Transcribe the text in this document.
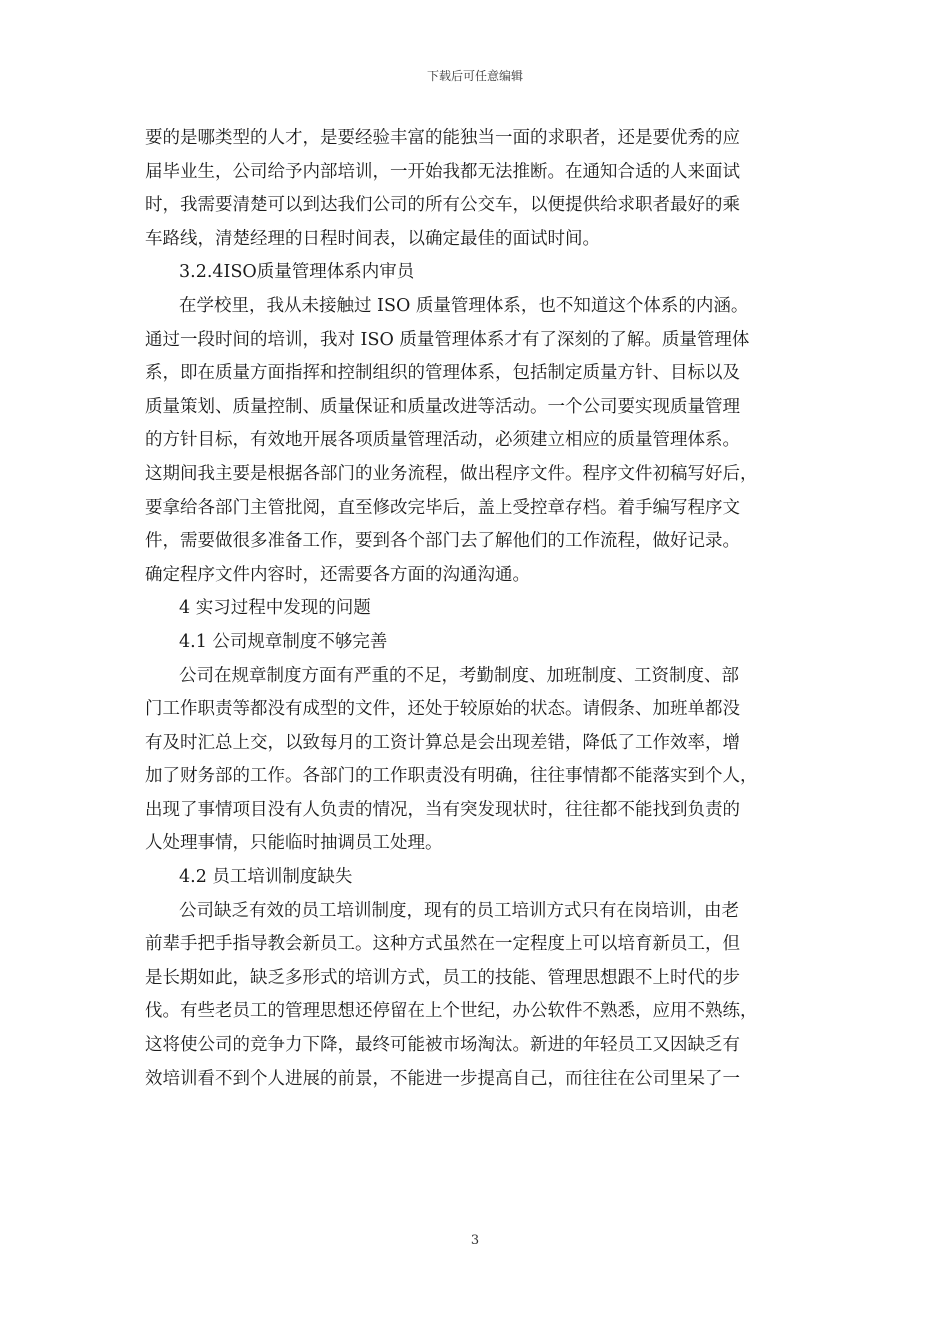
下载后可任意编辑
要的是哪类型的人才，是要经验丰富的能独当一面的求职者，还是要优秀的应
届毕业生，公司给予内部培训，一开始我都无法推断。在通知合适的人来面试
时，我需要清楚可以到达我们公司的所有公交车，以便提供给求职者最好的乘
车路线，清楚经理的日程时间表，以确定最佳的面试时间。
3.2.4ISO质量管理体系内审员
在学校里，我从未接触过 ISO 质量管理体系，也不知道这个体系的内涵。
通过一段时间的培训，我对 ISO 质量管理体系才有了深刻的了解。质量管理体
系，即在质量方面指挥和控制组织的管理体系，包括制定质量方针、目标以及
质量策划、质量控制、质量保证和质量改进等活动。一个公司要实现质量管理
的方针目标，有效地开展各项质量管理活动，必须建立相应的质量管理体系。
这期间我主要是根据各部门的业务流程，做出程序文件。程序文件初稿写好后，
要拿给各部门主管批阅，直至修改完毕后，盖上受控章存档。着手编写程序文
件，需要做很多准备工作，要到各个部门去了解他们的工作流程，做好记录。
确定程序文件内容时，还需要各方面的沟通沟通。
4 实习过程中发现的问题
4.1 公司规章制度不够完善
公司在规章制度方面有严重的不足，考勤制度、加班制度、工资制度、部
门工作职责等都没有成型的文件，还处于较原始的状态。请假条、加班单都没
有及时汇总上交，以致每月的工资计算总是会出现差错，降低了工作效率，增
加了财务部的工作。各部门的工作职责没有明确，往往事情都不能落实到个人，
出现了事情项目没有人负责的情况，当有突发现状时，往往都不能找到负责的
人处理事情，只能临时抽调员工处理。
4.2 员工培训制度缺失
公司缺乏有效的员工培训制度，现有的员工培训方式只有在岗培训，由老
前辈手把手指导教会新员工。这种方式虽然在一定程度上可以培育新员工，但
是长期如此，缺乏多形式的培训方式，员工的技能、管理思想跟不上时代的步
伐。有些老员工的管理思想还停留在上个世纪，办公软件不熟悉，应用不熟练，
这将使公司的竞争力下降，最终可能被市场淘汰。新进的年轻员工又因缺乏有
效培训看不到个人进展的前景，不能进一步提高自己，而往往在公司里呆了一
3
